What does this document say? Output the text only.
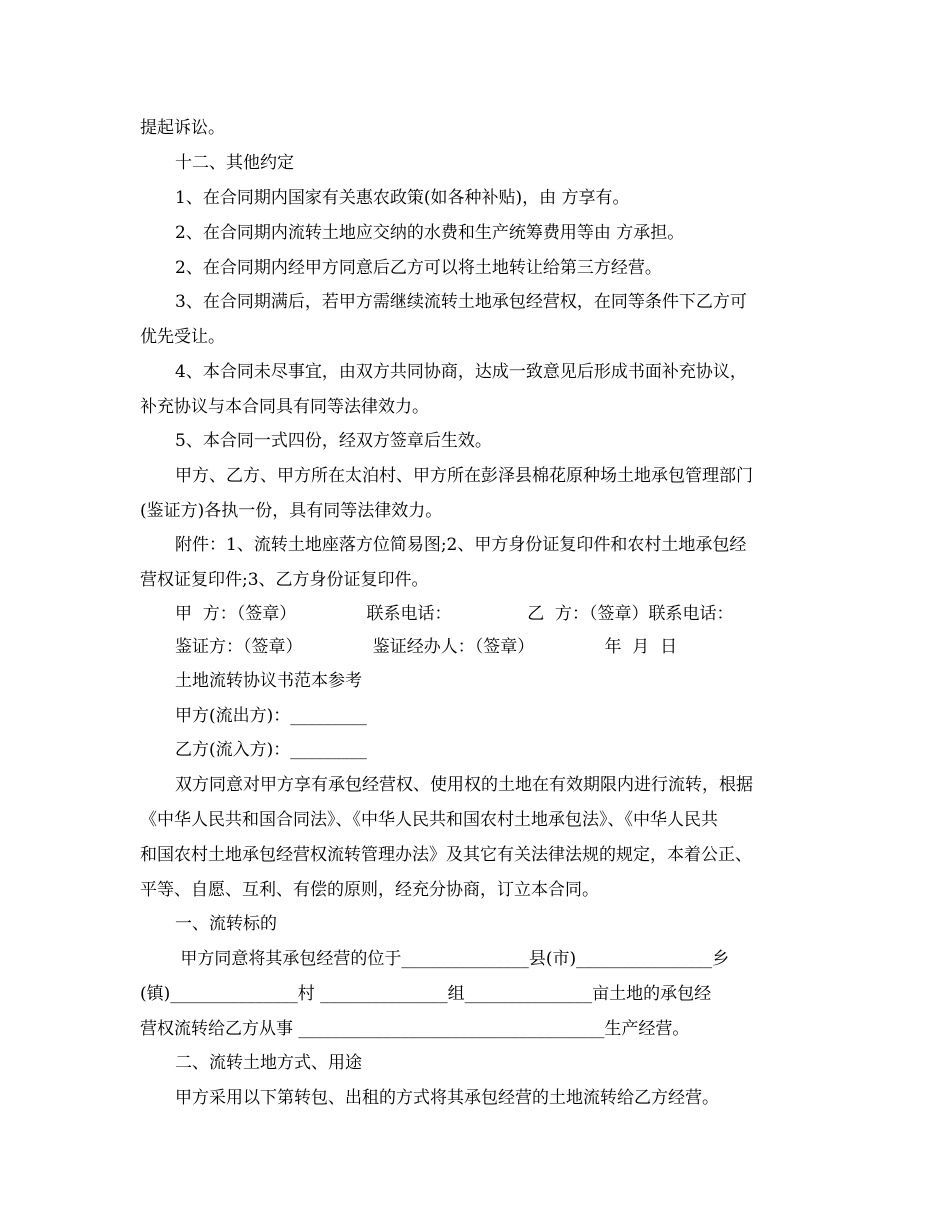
提起诉讼。
十二、其他约定
1、在合同期内国家有关惠农政策(如各种补贴)，由 方享有。
2、在合同期内流转土地应交纳的水费和生产统筹费用等由 方承担。
2、在合同期内经甲方同意后乙方可以将土地转让给第三方经营。
3、在合同期满后，若甲方需继续流转土地承包经营权，在同等条件下乙方可
优先受让。
4、本合同未尽事宜，由双方共同协商，达成一致意见后形成书面补充协议，
补充协议与本合同具有同等法律效力。
5、本合同一式四份，经双方签章后生效。
甲方、乙方、甲方所在太泊村、甲方所在彭泽县棉花原种场土地承包管理部门
(鉴证方)各执一份，具有同等法律效力。
附件：1、流转土地座落方位简易图;2、甲方身份证复印件和农村土地承包经
营权证复印件;3、乙方身份证复印件。
甲  方：（签章）             联系电话：              乙  方：（签章）联系电话：
鉴证方：（签章）             鉴证经办人：（签章）             年  月  日
土地流转协议书范本参考
甲方(流出方)：_________
乙方(流入方)：_________
双方同意对甲方享有承包经营权、使用权的土地在有效期限内进行流转，根据
《中华人民共和国合同法》、《中华人民共和国农村土地承包法》、《中华人民共
和国农村土地承包经营权流转管理办法》及其它有关法律法规的规定，本着公正、
平等、自愿、互利、有偿的原则，经充分协商，订立本合同。
一、流转标的
甲方同意将其承包经营的位于_______________县(市)________________乡
(镇)_______________村 _______________组_______________亩土地的承包经
营权流转给乙方从事 ____________________________________生产经营。
二、流转土地方式、用途
甲方采用以下第转包、出租的方式将其承包经营的土地流转给乙方经营。
